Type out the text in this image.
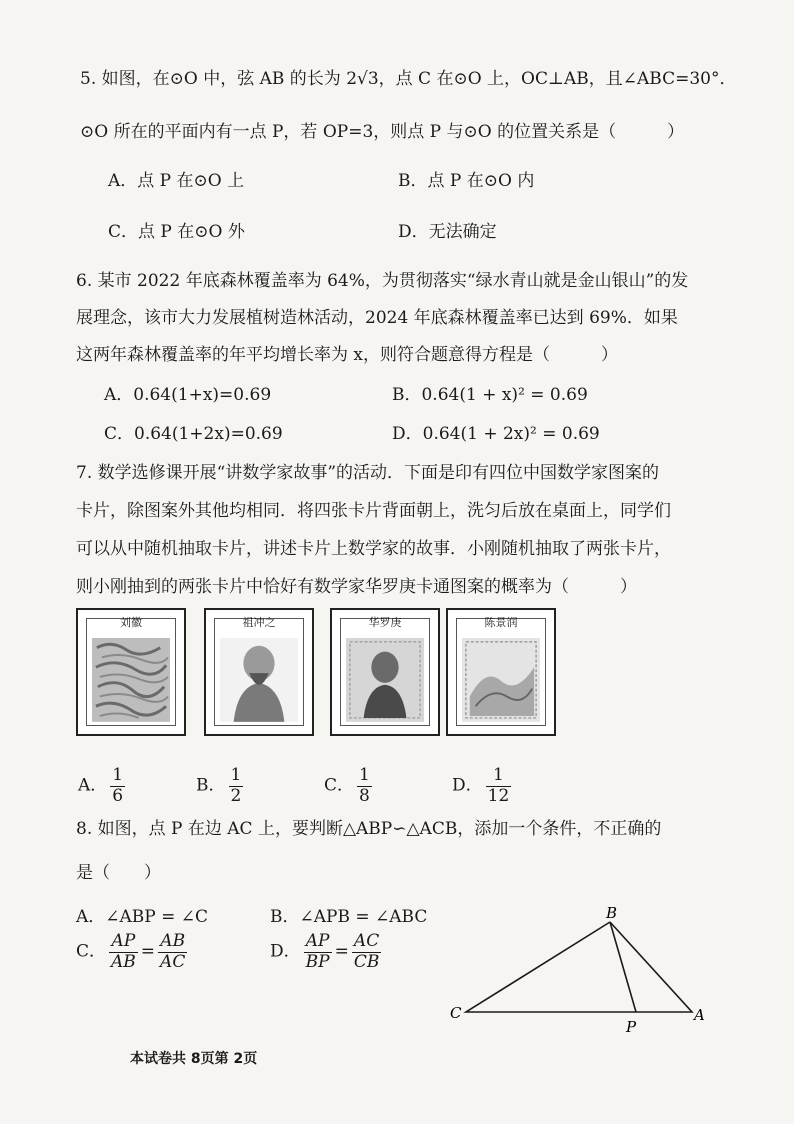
5. 如图，在⊙O 中，弦 AB 的长为 2√3，点 C 在⊙O 上，OC⊥AB，且∠ABC=30°．
⊙O 所在的平面内有一点 P，若 OP=3，则点 P 与⊙O 的位置关系是（　　　）
A．点 P 在⊙O 上	B．点 P 在⊙O 内
C．点 P 在⊙O 外	D．无法确定
6. 某市 2022 年底森林覆盖率为 64%，为贯彻落实“绿水青山就是金山银山”的发
展理念，该市大力发展植树造林活动，2024 年底森林覆盖率已达到 69%．如果
这两年森林覆盖率的年平均增长率为 x，则符合题意得方程是（　　　）
A．0.64(1+x)=0.69	B．0.64(1 + x)² = 0.69
C．0.64(1+2x)=0.69	D．0.64(1 + 2x)² = 0.69
7. 数学选修课开展“讲数学家故事”的活动．下面是印有四位中国数学家图案的
卡片，除图案外其他均相同．将四张卡片背面朝上，洗匀后放在桌面上，同学们
可以从中随机抽取卡片，讲述卡片上数学家的故事．小刚随机抽取了两张卡片，
则小刚抽到的两张卡片中恰好有数学家华罗庚卡通图案的概率为（　　　）
刘徽	祖冲之	华罗庚	陈景润
A． $\frac{1}{6}$	B． $\frac{1}{2}$	C． $\frac{1}{8}$	D． $\frac{1}{12}$
8. 如图，点 P 在边 AC 上，要判断△ABP∽△ACB，添加一个条件，不正确的
是（　　）
A．∠ABP = ∠C	B．∠APB = ∠ABC
C． $\frac{AP}{AB} = \frac{AB}{AC}$	D． $\frac{AP}{BP} = \frac{AC}{CB}$
B
C
P
A
本试卷共 8页第 2页
